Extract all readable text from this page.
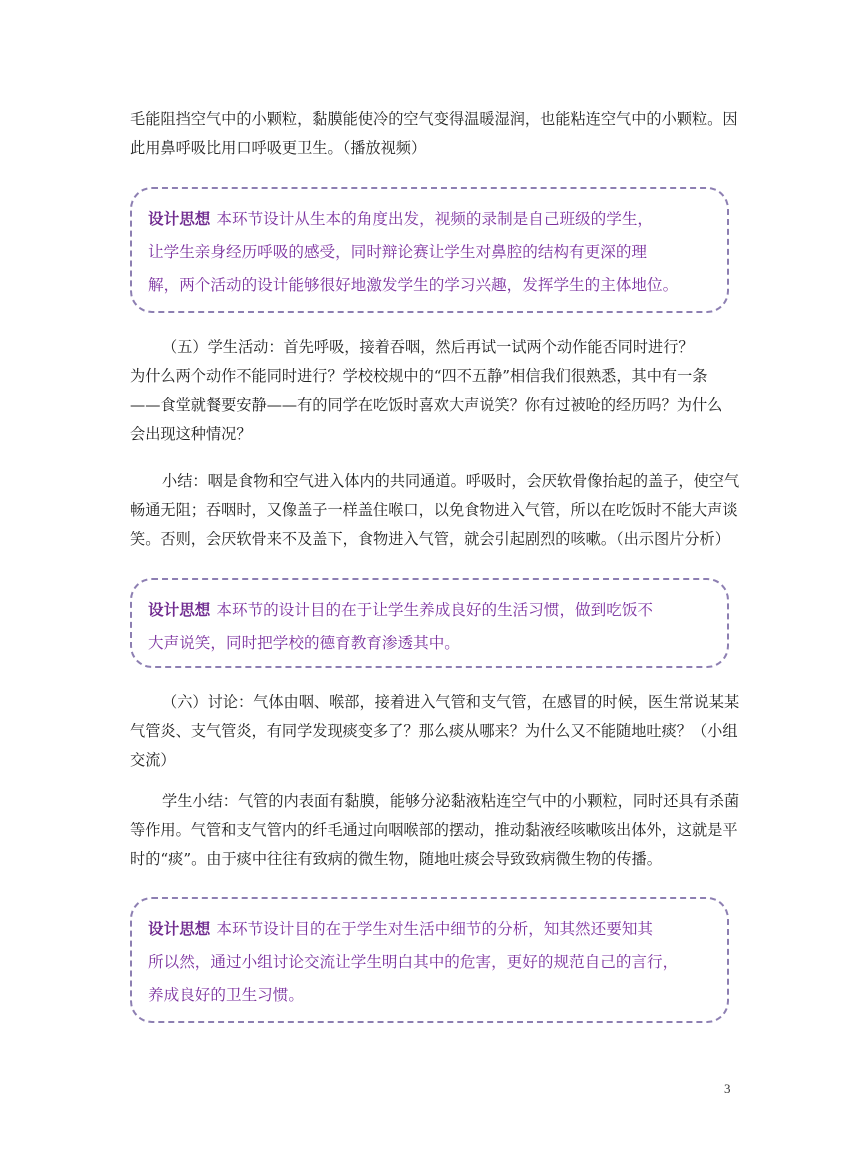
毛能阻挡空气中的小颗粒，黏膜能使冷的空气变得温暖湿润，也能粘连空气中的小颗粒。因
此用鼻呼吸比用口呼吸更卫生。（播放视频）
设计思想 本环节设计从生本的角度出发，视频的录制是自己班级的学生，
让学生亲身经历呼吸的感受，同时辩论赛让学生对鼻腔的结构有更深的理
解，两个活动的设计能够很好地激发学生的学习兴趣，发挥学生的主体地位。
（五）学生活动：首先呼吸，接着吞咽，然后再试一试两个动作能否同时进行？
为什么两个动作不能同时进行？学校校规中的“四不五静”相信我们很熟悉，其中有一条
——食堂就餐要安静——有的同学在吃饭时喜欢大声说笑？你有过被呛的经历吗？为什么
会出现这种情况？
小结：咽是食物和空气进入体内的共同通道。呼吸时，会厌软骨像抬起的盖子，使空气
畅通无阻；吞咽时，又像盖子一样盖住喉口，以免食物进入气管，所以在吃饭时不能大声谈
笑。否则，会厌软骨来不及盖下，食物进入气管，就会引起剧烈的咳嗽。（出示图片分析）
设计思想 本环节的设计目的在于让学生养成良好的生活习惯，做到吃饭不
大声说笑，同时把学校的德育教育渗透其中。
（六）讨论：气体由咽、喉部，接着进入气管和支气管，在感冒的时候，医生常说某某
气管炎、支气管炎，有同学发现痰变多了？那么痰从哪来？为什么又不能随地吐痰？（小组
交流）
学生小结：气管的内表面有黏膜，能够分泌黏液粘连空气中的小颗粒，同时还具有杀菌
等作用。气管和支气管内的纤毛通过向咽喉部的摆动，推动黏液经咳嗽咳出体外，这就是平
时的“痰”。由于痰中往往有致病的微生物，随地吐痰会导致致病微生物的传播。
设计思想 本环节设计目的在于学生对生活中细节的分析，知其然还要知其
所以然，通过小组讨论交流让学生明白其中的危害，更好的规范自己的言行，
养成良好的卫生习惯。
3
